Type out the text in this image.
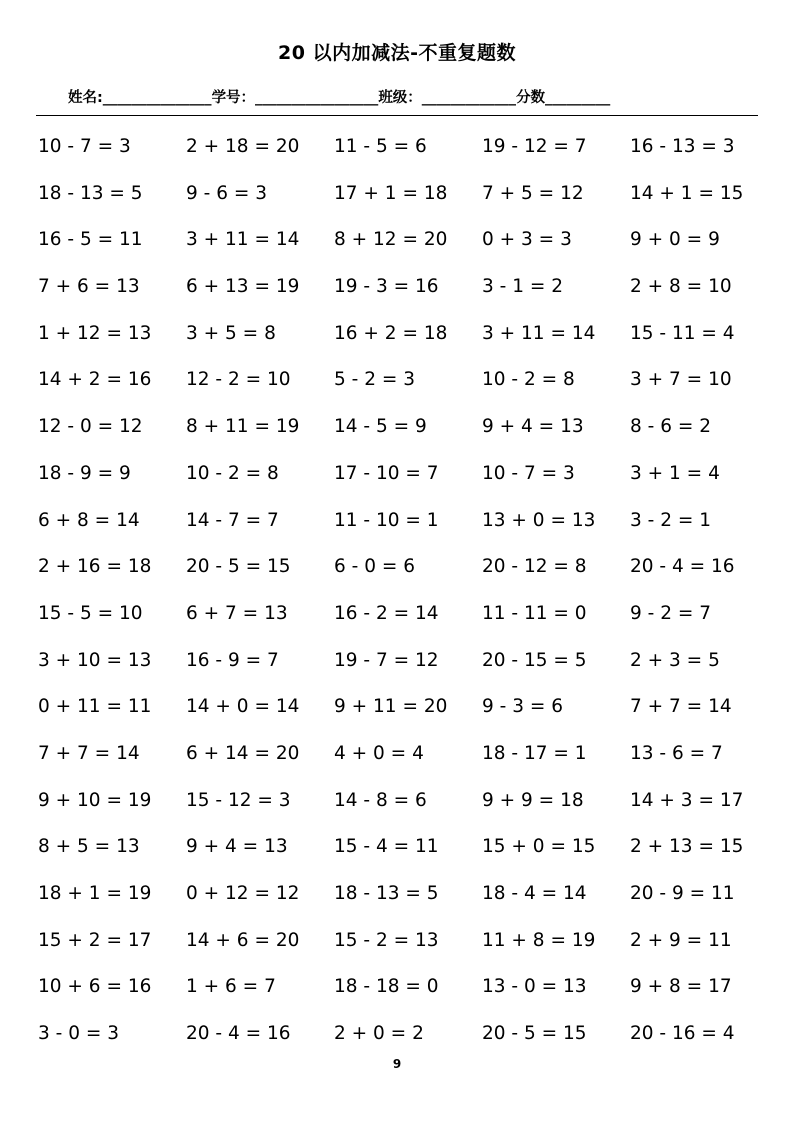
20 以内加减法-不重复题数
姓名:_______________学号：_________________班级：_____________分数_________
10 - 7 = 3	2 + 18 = 20	11 - 5 = 6	19 - 12 = 7	16 - 13 = 3
18 - 13 = 5	9 - 6 = 3	17 + 1 = 18	7 + 5 = 12	14 + 1 = 15
16 - 5 = 11	3 + 11 = 14	8 + 12 = 20	0 + 3 = 3	9 + 0 = 9
7 + 6 = 13	6 + 13 = 19	19 - 3 = 16	3 - 1 = 2	2 + 8 = 10
1 + 12 = 13	3 + 5 = 8	16 + 2 = 18	3 + 11 = 14	15 - 11 = 4
14 + 2 = 16	12 - 2 = 10	5 - 2 = 3	10 - 2 = 8	3 + 7 = 10
12 - 0 = 12	8 + 11 = 19	14 - 5 = 9	9 + 4 = 13	8 - 6 = 2
18 - 9 = 9	10 - 2 = 8	17 - 10 = 7	10 - 7 = 3	3 + 1 = 4
6 + 8 = 14	14 - 7 = 7	11 - 10 = 1	13 + 0 = 13	3 - 2 = 1
2 + 16 = 18	20 - 5 = 15	6 - 0 = 6	20 - 12 = 8	20 - 4 = 16
15 - 5 = 10	6 + 7 = 13	16 - 2 = 14	11 - 11 = 0	9 - 2 = 7
3 + 10 = 13	16 - 9 = 7	19 - 7 = 12	20 - 15 = 5	2 + 3 = 5
0 + 11 = 11	14 + 0 = 14	9 + 11 = 20	9 - 3 = 6	7 + 7 = 14
7 + 7 = 14	6 + 14 = 20	4 + 0 = 4	18 - 17 = 1	13 - 6 = 7
9 + 10 = 19	15 - 12 = 3	14 - 8 = 6	9 + 9 = 18	14 + 3 = 17
8 + 5 = 13	9 + 4 = 13	15 - 4 = 11	15 + 0 = 15	2 + 13 = 15
18 + 1 = 19	0 + 12 = 12	18 - 13 = 5	18 - 4 = 14	20 - 9 = 11
15 + 2 = 17	14 + 6 = 20	15 - 2 = 13	11 + 8 = 19	2 + 9 = 11
10 + 6 = 16	1 + 6 = 7	18 - 18 = 0	13 - 0 = 13	9 + 8 = 17
3 - 0 = 3	20 - 4 = 16	2 + 0 = 2	20 - 5 = 15	20 - 16 = 4
9
